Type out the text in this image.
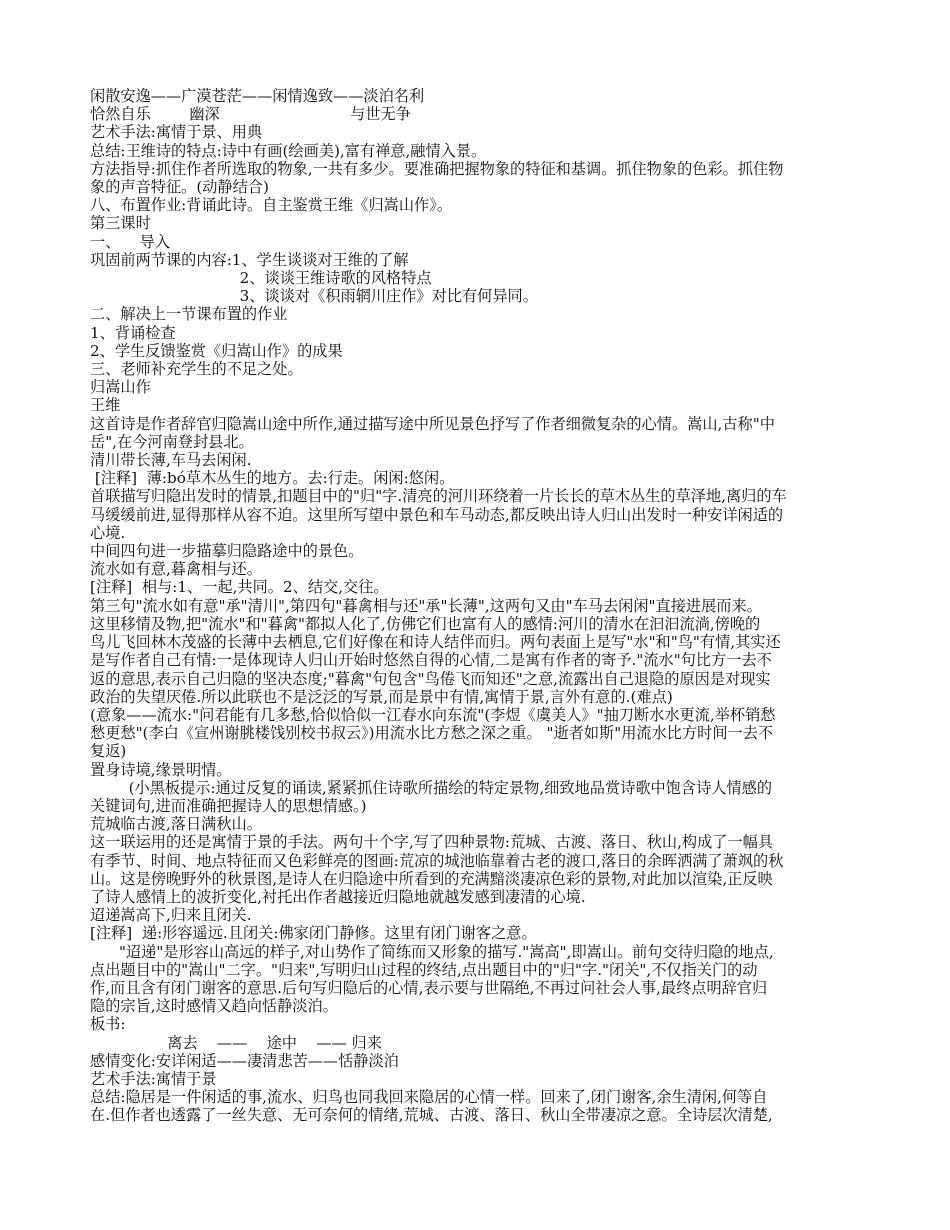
闲散安逸——广漠苍茫——闲情逸致——淡泊名利
恰然自乐        幽深                           与世无争
艺术手法:寓情于景、用典
总结:王维诗的特点:诗中有画(绘画美),富有禅意,融情入景。
方法指导:抓住作者所选取的物象,一共有多少。要准确把握物象的特征和基调。抓住物象的色彩。抓住物
象的声音特征。(动静结合)
八、布置作业:背诵此诗。自主鉴赏王维《归嵩山作》。
第三课时
一、    导入
巩固前两节课的内容:1、学生谈谈对王维的了解
2、谈谈王维诗歌的风格特点
3、谈谈对《积雨辋川庄作》对比有何异同。
二、解决上一节课布置的作业
1、背诵检查
2、学生反馈鉴赏《归嵩山作》的成果
三、老师补充学生的不足之处。
归嵩山作
王维
这首诗是作者辞官归隐嵩山途中所作,通过描写途中所见景色抒写了作者细微复杂的心情。嵩山,古称"中
岳",在今河南登封县北。
清川带长薄,车马去闲闲.
[注释]  薄:bó草木丛生的地方。去:行走。闲闲:悠闲。
首联描写归隐出发时的情景,扣题目中的"归"字.清亮的河川环绕着一片长长的草木丛生的草泽地,离归的车
马缓缓前进,显得那样从容不迫。这里所写望中景色和车马动态,都反映出诗人归山出发时一种安详闲适的
心境.
中间四句进一步描摹归隐路途中的景色。
流水如有意,暮禽相与还。
[注释]  相与:1、一起,共同。2、结交,交往。
第三句"流水如有意"承"清川",第四句"暮禽相与还"承"长薄",这两句又由"车马去闲闲"直接进展而来。
这里移情及物,把"流水"和"暮禽"都拟人化了,仿佛它们也富有人的感情:河川的清水在汩汩流淌,傍晚的
鸟儿飞回林木茂盛的长薄中去栖息,它们好像在和诗人结伴而归。两句表面上是写"水"和"鸟"有情,其实还
是写作者自己有情:一是体现诗人归山开始时悠然自得的心情,二是寓有作者的寄予."流水"句比方一去不
返的意思,表示自己归隐的坚决态度;"暮禽"句包含"鸟倦飞而知还"之意,流露出自己退隐的原因是对现实
政治的失望厌倦.所以此联也不是泛泛的写景,而是景中有情,寓情于景,言外有意的.(难点)
(意象——流水:"问君能有几多愁,恰似恰似一江春水向东流"(李煜《虞美人》"抽刀断水水更流,举杯销愁
愁更愁"(李白《宣州谢朓楼饯别校书叔云》)用流水比方愁之深之重。 "逝者如斯"用流水比方时间一去不
复返)
置身诗境,缘景明情。
(小黑板提示:通过反复的诵读,紧紧抓住诗歌所描绘的特定景物,细致地品赏诗歌中饱含诗人情感的
关键词句,进而准确把握诗人的思想情感。)
荒城临古渡,落日满秋山。
这一联运用的还是寓情于景的手法。两句十个字,写了四种景物:荒城、古渡、落日、秋山,构成了一幅具
有季节、时间、地点特征而又色彩鲜亮的图画:荒凉的城池临靠着古老的渡口,落日的余晖洒满了萧飒的秋
山。这是傍晚野外的秋景图,是诗人在归隐途中所看到的充满黯淡凄凉色彩的景物,对此加以渲染,正反映
了诗人感情上的波折变化,衬托出作者越接近归隐地就越发感到凄清的心境.
迢递嵩高下,归来且闭关.
[注释]  递:形容遥远.且闭关:佛家闭门静修。这里有闭门谢客之意。
"迢递"是形容山高远的样子,对山势作了简练而又形象的描写."嵩高",即嵩山。前句交待归隐的地点,
点出题目中的"嵩山"二字。"归来",写明归山过程的终结,点出题目中的"归"字."闭关",不仅指关门的动
作,而且含有闭门谢客的意思.后句写归隐后的心情,表示要与世隔绝,不再过问社会人事,最终点明辞官归
隐的宗旨,这时感情又趋向恬静淡泊。
板书:
离去    ——    途中    —— 归来
感情变化:安详闲适——凄清悲苦——恬静淡泊
艺术手法:寓情于景
总结:隐居是一件闲适的事,流水、归鸟也同我回来隐居的心情一样。回来了,闭门谢客,余生清闲,何等自
在.但作者也透露了一丝失意、无可奈何的情绪,荒城、古渡、落日、秋山全带凄凉之意。全诗层次清楚,
